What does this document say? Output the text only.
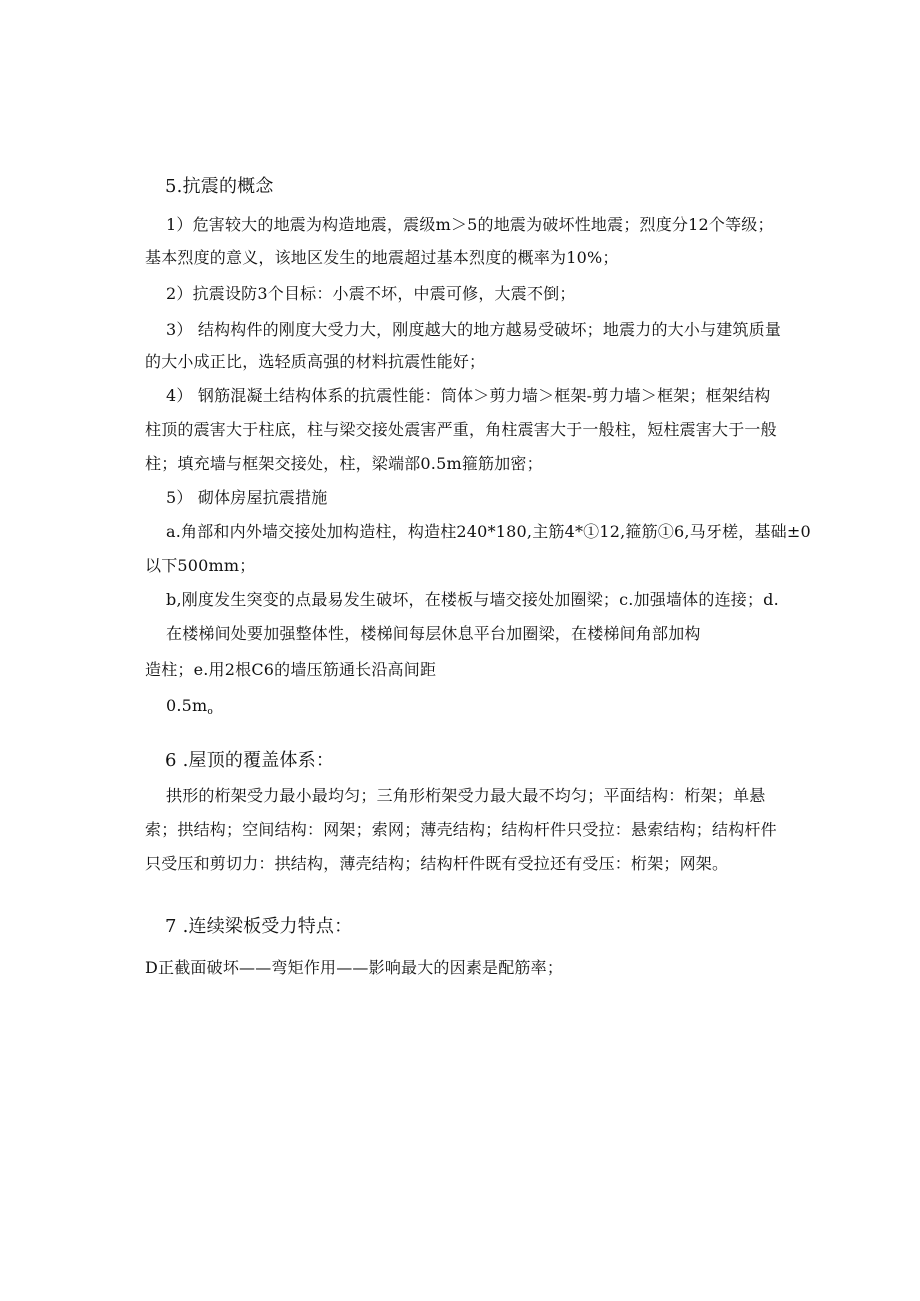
5.抗震的概念
1）危害较大的地震为构造地震，震级m＞5的地震为破坏性地震；烈度分12个等级；
基本烈度的意义，该地区发生的地震超过基本烈度的概率为10%；
2）抗震设防3个目标：小震不坏，中震可修，大震不倒；
3） 结构构件的刚度大受力大，刚度越大的地方越易受破坏；地震力的大小与建筑质量
的大小成正比，选轻质高强的材料抗震性能好；
4） 钢筋混凝土结构体系的抗震性能：筒体＞剪力墙＞框架-剪力墙＞框架；框架结构
柱顶的震害大于柱底，柱与梁交接处震害严重，角柱震害大于一般柱，短柱震害大于一般
柱；填充墙与框架交接处，柱，梁端部0.5m箍筋加密；
5） 砌体房屋抗震措施
a.角部和内外墙交接处加构造柱，构造柱240*180,主筋4*①12,箍筋①6,马牙槎，基础±0
以下500mm；
b,刚度发生突变的点最易发生破坏，在楼板与墙交接处加圈梁；c.加强墙体的连接；d.
在楼梯间处要加强整体性，楼梯间每层休息平台加圈梁，在楼梯间角部加构
造柱；e.用2根C6的墙压筋通长沿高间距
$0.5m_o$
6 .屋顶的覆盖体系：
拱形的桁架受力最小最均匀；三角形桁架受力最大最不均匀；平面结构：桁架；单悬
索；拱结构；空间结构：网架；索网；薄壳结构；结构杆件只受拉：悬索结构；结构杆件
只受压和剪切力：拱结构，薄壳结构；结构杆件既有受拉还有受压：桁架；网架。
7 .连续梁板受力特点：
D正截面破坏——弯矩作用——影响最大的因素是配筋率；
